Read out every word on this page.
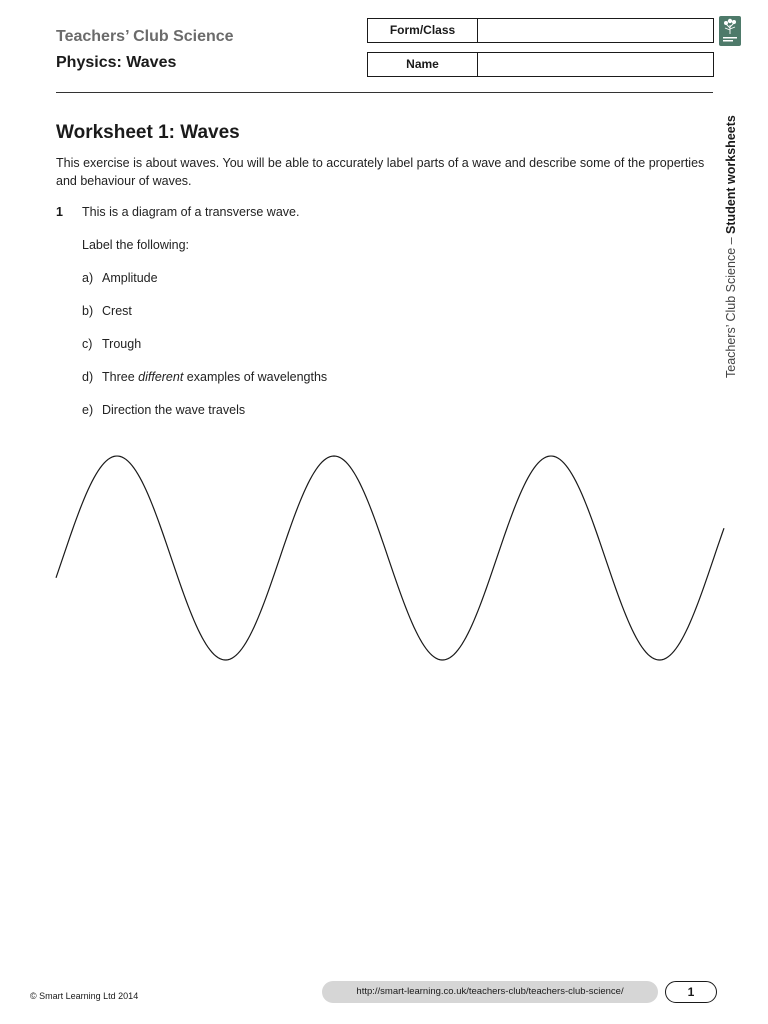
Teachers’ Club Science
Physics: Waves
Form/Class
Name
Teachers’ Club Science – Student worksheets
Worksheet 1: Waves
This exercise is about waves. You will be able to accurately label parts of a wave and describe some of the properties and behaviour of waves.
1 This is a diagram of a transverse wave.
Label the following:
a) Amplitude
b) Crest
c) Trough
d) Three different examples of wavelengths
e) Direction the wave travels
© Smart Learning Ltd 2014	http://smart-learning.co.uk/teachers-club/teachers-club-science/	1
